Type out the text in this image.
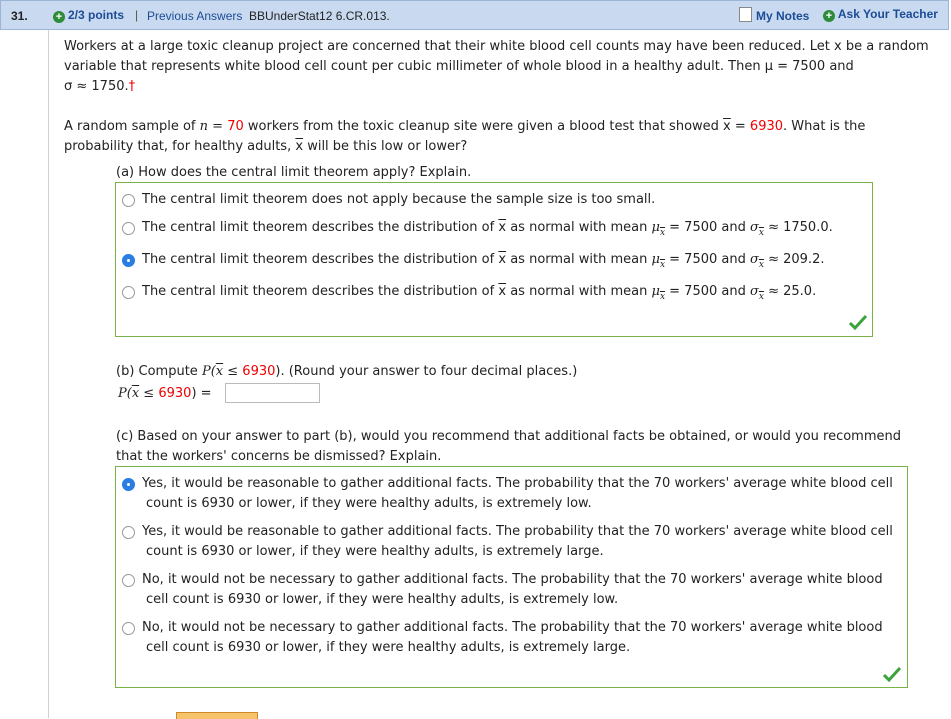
31.	+ 2/3 points | Previous Answers BBUnderStat12 6.CR.013.	My Notes + Ask Your Teacher
Workers at a large toxic cleanup project are concerned that their white blood cell counts may have been reduced. Let x be a random
variable that represents white blood cell count per cubic millimeter of whole blood in a healthy adult. Then μ = 7500 and
σ ≈ 1750.†
A random sample of n = 70 workers from the toxic cleanup site were given a blood test that showed $\overline{x} = 6930$. What is the
probability that, for healthy adults, $\overline{x}$ will be this low or lower?
(a) How does the central limit theorem apply? Explain.
The central limit theorem does not apply because the sample size is too small.
The central limit theorem describes the distribution of $\overline{x}$ as normal with mean $\mu_{\overline{x}} = 7500$ and $\sigma_{\overline{x}} \approx 1750.0$.
The central limit theorem describes the distribution of $\overline{x}$ as normal with mean $\mu_{\overline{x}} = 7500$ and $\sigma_{\overline{x}} \approx 209.2$.
The central limit theorem describes the distribution of $\overline{x}$ as normal with mean $\mu_{\overline{x}} = 7500$ and $\sigma_{\overline{x}} \approx 25.0$.
(b) Compute $P(\overline{x} \le 6930)$. (Round your answer to four decimal places.)
$P(\overline{x} \le 6930)$ =
(c) Based on your answer to part (b), would you recommend that additional facts be obtained, or would you recommend
that the workers' concerns be dismissed? Explain.
Yes, it would be reasonable to gather additional facts. The probability that the 70 workers' average white blood cell
count is 6930 or lower, if they were healthy adults, is extremely low.
Yes, it would be reasonable to gather additional facts. The probability that the 70 workers' average white blood cell
count is 6930 or lower, if they were healthy adults, is extremely large.
No, it would not be necessary to gather additional facts. The probability that the 70 workers' average white blood
cell count is 6930 or lower, if they were healthy adults, is extremely low.
No, it would not be necessary to gather additional facts. The probability that the 70 workers' average white blood
cell count is 6930 or lower, if they were healthy adults, is extremely large.
